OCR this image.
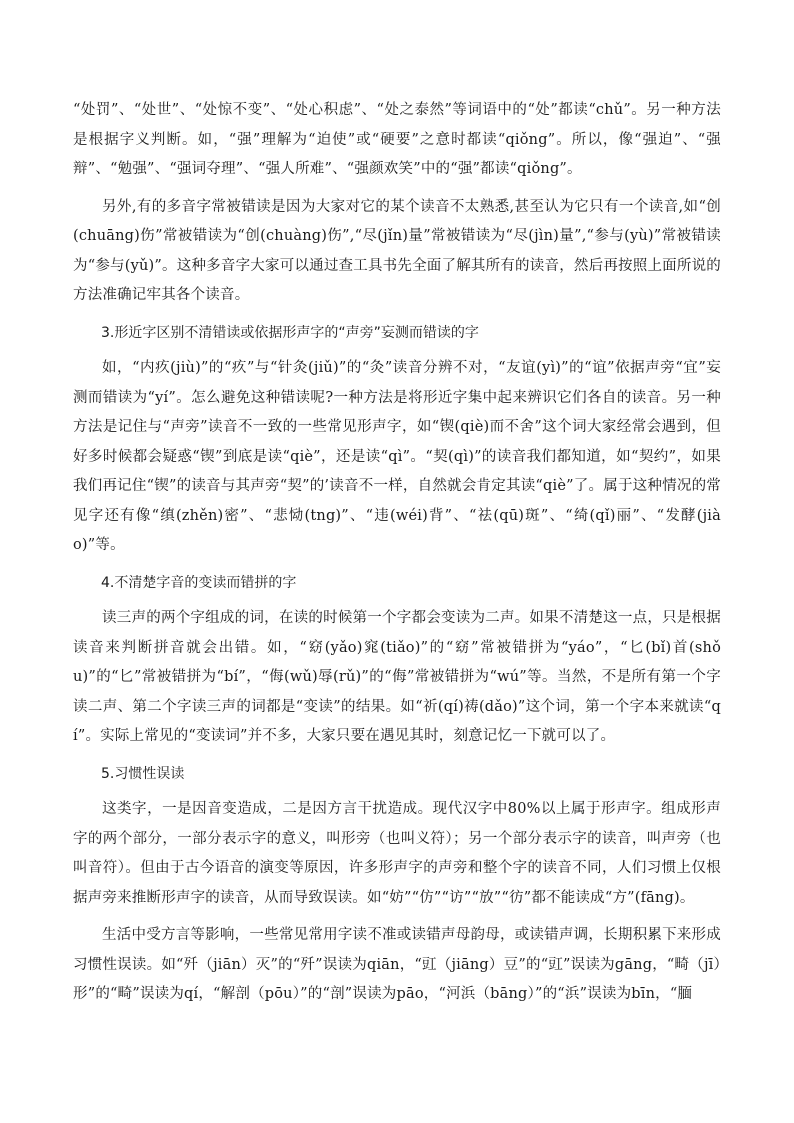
“处罚”、“处世”、“处惊不变”、“处心积虑”、“处之泰然”等词语中的“处”都读“chǔ”。另一种方法是根据字义判断。如，“强”理解为“迫使”或“硬要”之意时都读“qiǒng”。所以，像“强迫”、“强辩”、“勉强”、“强词夺理”、“强人所难”、“强颜欢笑”中的“强”都读“qiǒng”。

另外,有的多音字常被错读是因为大家对它的某个读音不太熟悉,甚至认为它只有一个读音,如“创(chuāng)伤”常被错读为“创(chuàng)伤”,“尽(jǐn)量”常被错读为“尽(jìn)量”,“参与(yù)”常被错读为“参与(yǔ)”。这种多音字大家可以通过查工具书先全面了解其所有的读音，然后再按照上面所说的方法准确记牢其各个读音。

3.形近字区别不清错读或依据形声字的“声旁”妄测而错读的字

如，“内疚(jiù)”的“疚”与“针灸(jiǔ)”的“灸”读音分辨不对，“友谊(yì)”的“谊”依据声旁“宜”妄测而错读为“yí”。怎么避免这种错读呢?一种方法是将形近字集中起来辨识它们各自的读音。另一种方法是记住与“声旁”读音不一致的一些常见形声字，如“锲(qiè)而不舍”这个词大家经常会遇到，但好多时候都会疑惑“锲”到底是读“qiè”，还是读“qì”。“契(qì)”的读音我们都知道，如“契约”，如果我们再记住“锲”的读音与其声旁“契”的’读音不一样，自然就会肯定其读“qiè”了。属于这种情况的常见字还有像“缜(zhěn)密”、“悲恸(tng)”、“违(wéi)背”、“祛(qū)斑”、“绮(qǐ)丽”、“发酵(jiào)”等。

4.不清楚字音的变读而错拼的字

读三声的两个字组成的词，在读的时候第一个字都会变读为二声。如果不清楚这一点，只是根据读音来判断拼音就会出错。如，“窈(yǎo)窕(tiǎo)”的“窈”常被错拼为“yáo”，“匕(bǐ)首(shǒu)”的“匕”常被错拼为“bí”，“侮(wǔ)辱(rǔ)”的“侮”常被错拼为“wú”等。当然，不是所有第一个字读二声、第二个字读三声的词都是“变读”的结果。如“祈(qí)祷(dǎo)”这个词，第一个字本来就读“qí”。实际上常见的“变读词”并不多，大家只要在遇见其时，刻意记忆一下就可以了。

5.习惯性误读

这类字，一是因音变造成，二是因方言干扰造成。现代汉字中80%以上属于形声字。组成形声字的两个部分，一部分表示字的意义，叫形旁（也叫义符）；另一个部分表示字的读音，叫声旁（也叫音符）。但由于古今语音的演变等原因，许多形声字的声旁和整个字的读音不同，人们习惯上仅根据声旁来推断形声字的读音，从而导致误读。如“妨”“仿”“访”“放”“彷”都不能读成“方”(fāng)。

生活中受方言等影响，一些常见常用字读不准或读错声母韵母，或读错声调，长期积累下来形成习惯性误读。如“歼（jiān）灭”的“歼”误读为qiān，“豇（jiāng）豆”的“豇”误读为gāng，“畸（jī）形”的“畸”误读为qí，“解剖（pōu）”的“剖”误读为pāo，“河浜（bāng）”的“浜”误读为bīn，“腼
